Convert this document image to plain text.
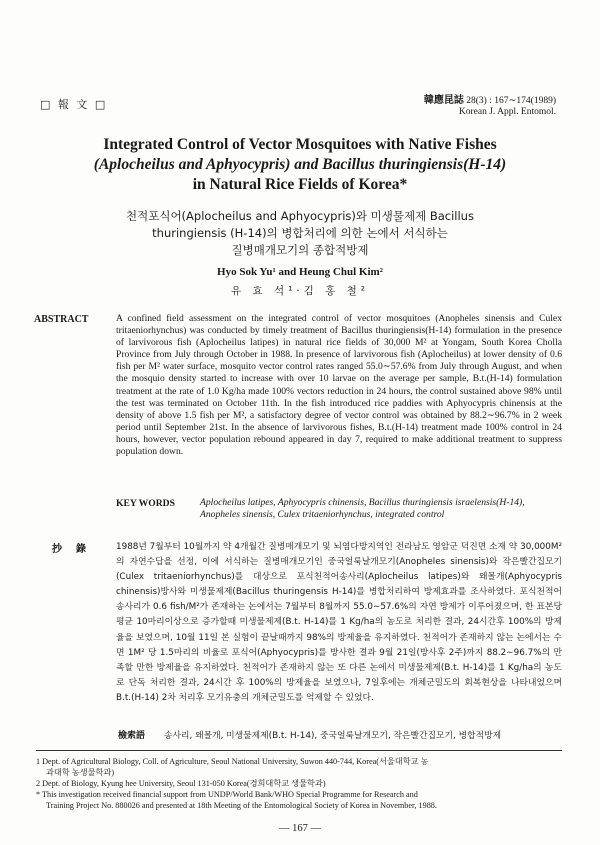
□ 報 文 □	韓應昆誌 28(3) : 167∼174(1989)
Korean J. Appl. Entomol.
Integrated Control of Vector Mosquitoes with Native Fishes
(Aplocheilus and Aphyocypris) and Bacillus thuringiensis(H-14)
in Natural Rice Fields of Korea*
천적포식어(Aplocheilus and Aphyocypris)와 미생물제제 Bacillus
thuringiensis (H-14)의 병합처리에 의한 논에서 서식하는
질병매개모기의 종합적방제
Hyo Sok Yu¹ and Heung Chul Kim²
유 효 석¹·김 홍 철²
ABSTRACT	A confined field assessment on the integrated control of vector mosquitoes (Anopheles sinensis and Culex tritaeniorhynchus) was conducted by timely treatment of Bacillus thuringiensis(H-14) formulation in the presence of larvivorous fish (Aplocheilus latipes) in natural rice fields of 30,000 M² at Yongam, South Korea Cholla Province from July through October in 1988. In presence of larvivorous fish (Aplocheilus) at lower density of 0.6 fish per M² water surface, mosquito vector control rates ranged 55.0∼57.6% from July through August, and when the mosquio density started to increase with over 10 larvae on the average per sample, B.t.(H-14) formulation treatment at the rate of 1.0 Kg/ha made 100% vectors reduction in 24 hours, the control sustained above 98% until the test was terminated on October 11th. In the fish introduced rice paddies with Aphyocypris chinensis at the density of above 1.5 fish per M², a satisfactory degree of vector control was obtained by 88.2∼96.7% in 2 week period until September 21st. In the absence of larvivorous fishes, B.t.(H-14) treatment made 100% control in 24 hours, however, vector population rebound appeared in day 7, required to make additional treatment to suppress population down.
KEY WORDS	Aplocheilus latipes, Aphyocypris chinensis, Bacillus thuringiensis israelensis(H-14), Anopheles sinensis, Culex tritaeniorhynchus, integrated control
抄錄 1988년 7월부터 10월까지 약 4개월간 질병매개모기 및 뇌염다방지역인 전라남도 영암군 덕진면 소재 약 30,000M²의 자연수답을 선정, 이에 서식하는 질병매개모기인 중국얼룩날개모기(Anopheles sinensis)와 작은빨간집모기(Culex tritaeniorhynchus)를 대상으로 포식천적어송사리(Aplocheilus latipes)와 왜몰개(Aphyocypris chinensis)방사와 미생물제제(Bacillus thuringensis H-14)를 병합처리하여 방제효과를 조사하였다. 포식천적어송사리가 0.6 fish/M²가 존재하는 논에서는 7월부터 8월까지 55.0∼57.6%의 자연 방제가 이루어졌으며, 한 표본당 평균 10마리이상으로 증가할때 미생물제제(B.t. H-14)를 1 Kg/ha의 농도로 처리한 결과, 24시간후 100%의 방제율을 보였으며, 10월 11일 본 실험이 끝날때까지 98%의 방제율을 유지하였다. 천적어가 존재하지 않는 논에서는 수면 1M² 당 1.5마리의 비율로 포식어(Aphyocypris)를 방사한 결과 9월 21일(방사후 2주)까지 88.2∼96.7%의 만족할 만한 방제율을 유지하였다. 천적어가 존재하지 않는 또 다른 논에서 미생물제제(B.t. H-14)를 1 Kg/ha의 농도로 단독 처리한 결과, 24시간 후 100%의 방제율을 보였으나, 7일후에는 개체군밀도의 회복현상을 나타내었으며 B.t.(H-14) 2차 처리후 모기유충의 개체군밀도를 억제할 수 있었다.
檢索語 송사리, 왜몰개, 미생물제제(B.t. H-14), 중국얼룩날개모기, 작은빨간집모기, 병합적방제
1 Dept. of Agricultural Biology, Coll. of Agriculture, Seoul National University, Suwon 440-744, Korea(서울대학교 농
과대학 농생물학과)
2 Dept. of Biology, Kyung hee University, Seoul 131-050 Korea(경희대학교 생물학과)
* This investigation received financial support from UNDP/World Bank/WHO Special Programme for Research and
Training Project No. 880026 and presented at 18th Meeting of the Entomological Society of Korea in November, 1988.
— 167 —
